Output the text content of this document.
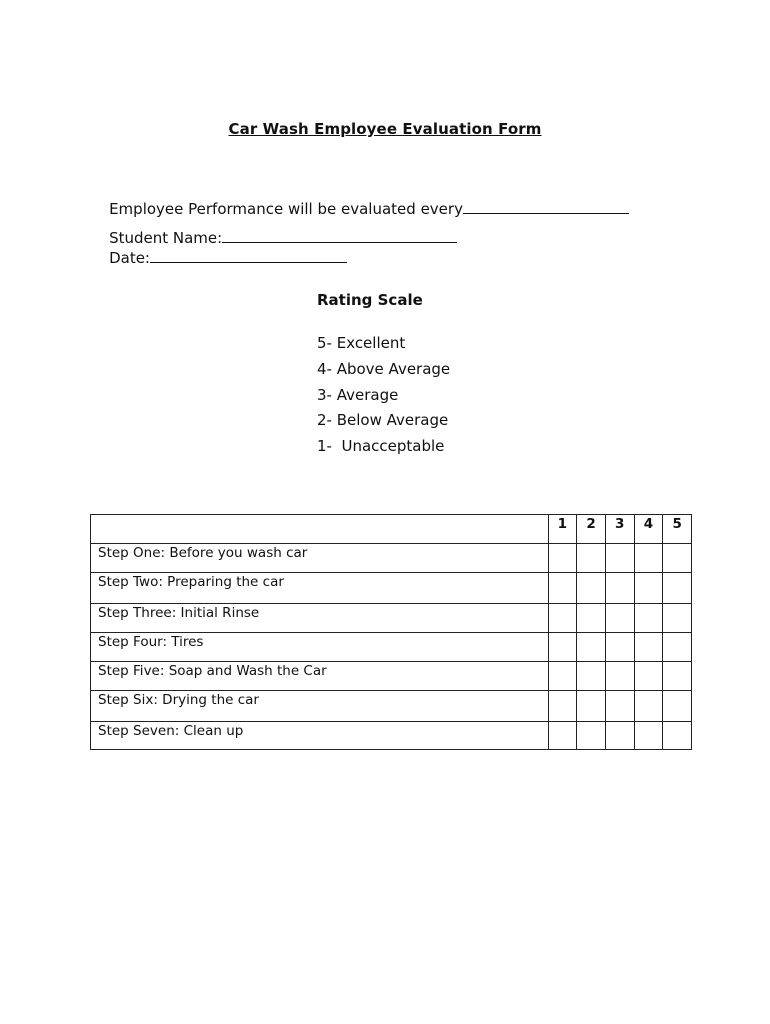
Car Wash Employee Evaluation Form

Employee Performance will be evaluated every

Student Name:

Date:

Rating Scale
5- Excellent
4- Above Average
3- Average
2- Below Average
1-  Unacceptable
	1	2	3	4	5
Step One: Before you wash car					
Step Two: Preparing the car					
Step Three: Initial Rinse					
Step Four: Tires					
Step Five: Soap and Wash the Car					
Step Six: Drying the car					
Step Seven: Clean up					
